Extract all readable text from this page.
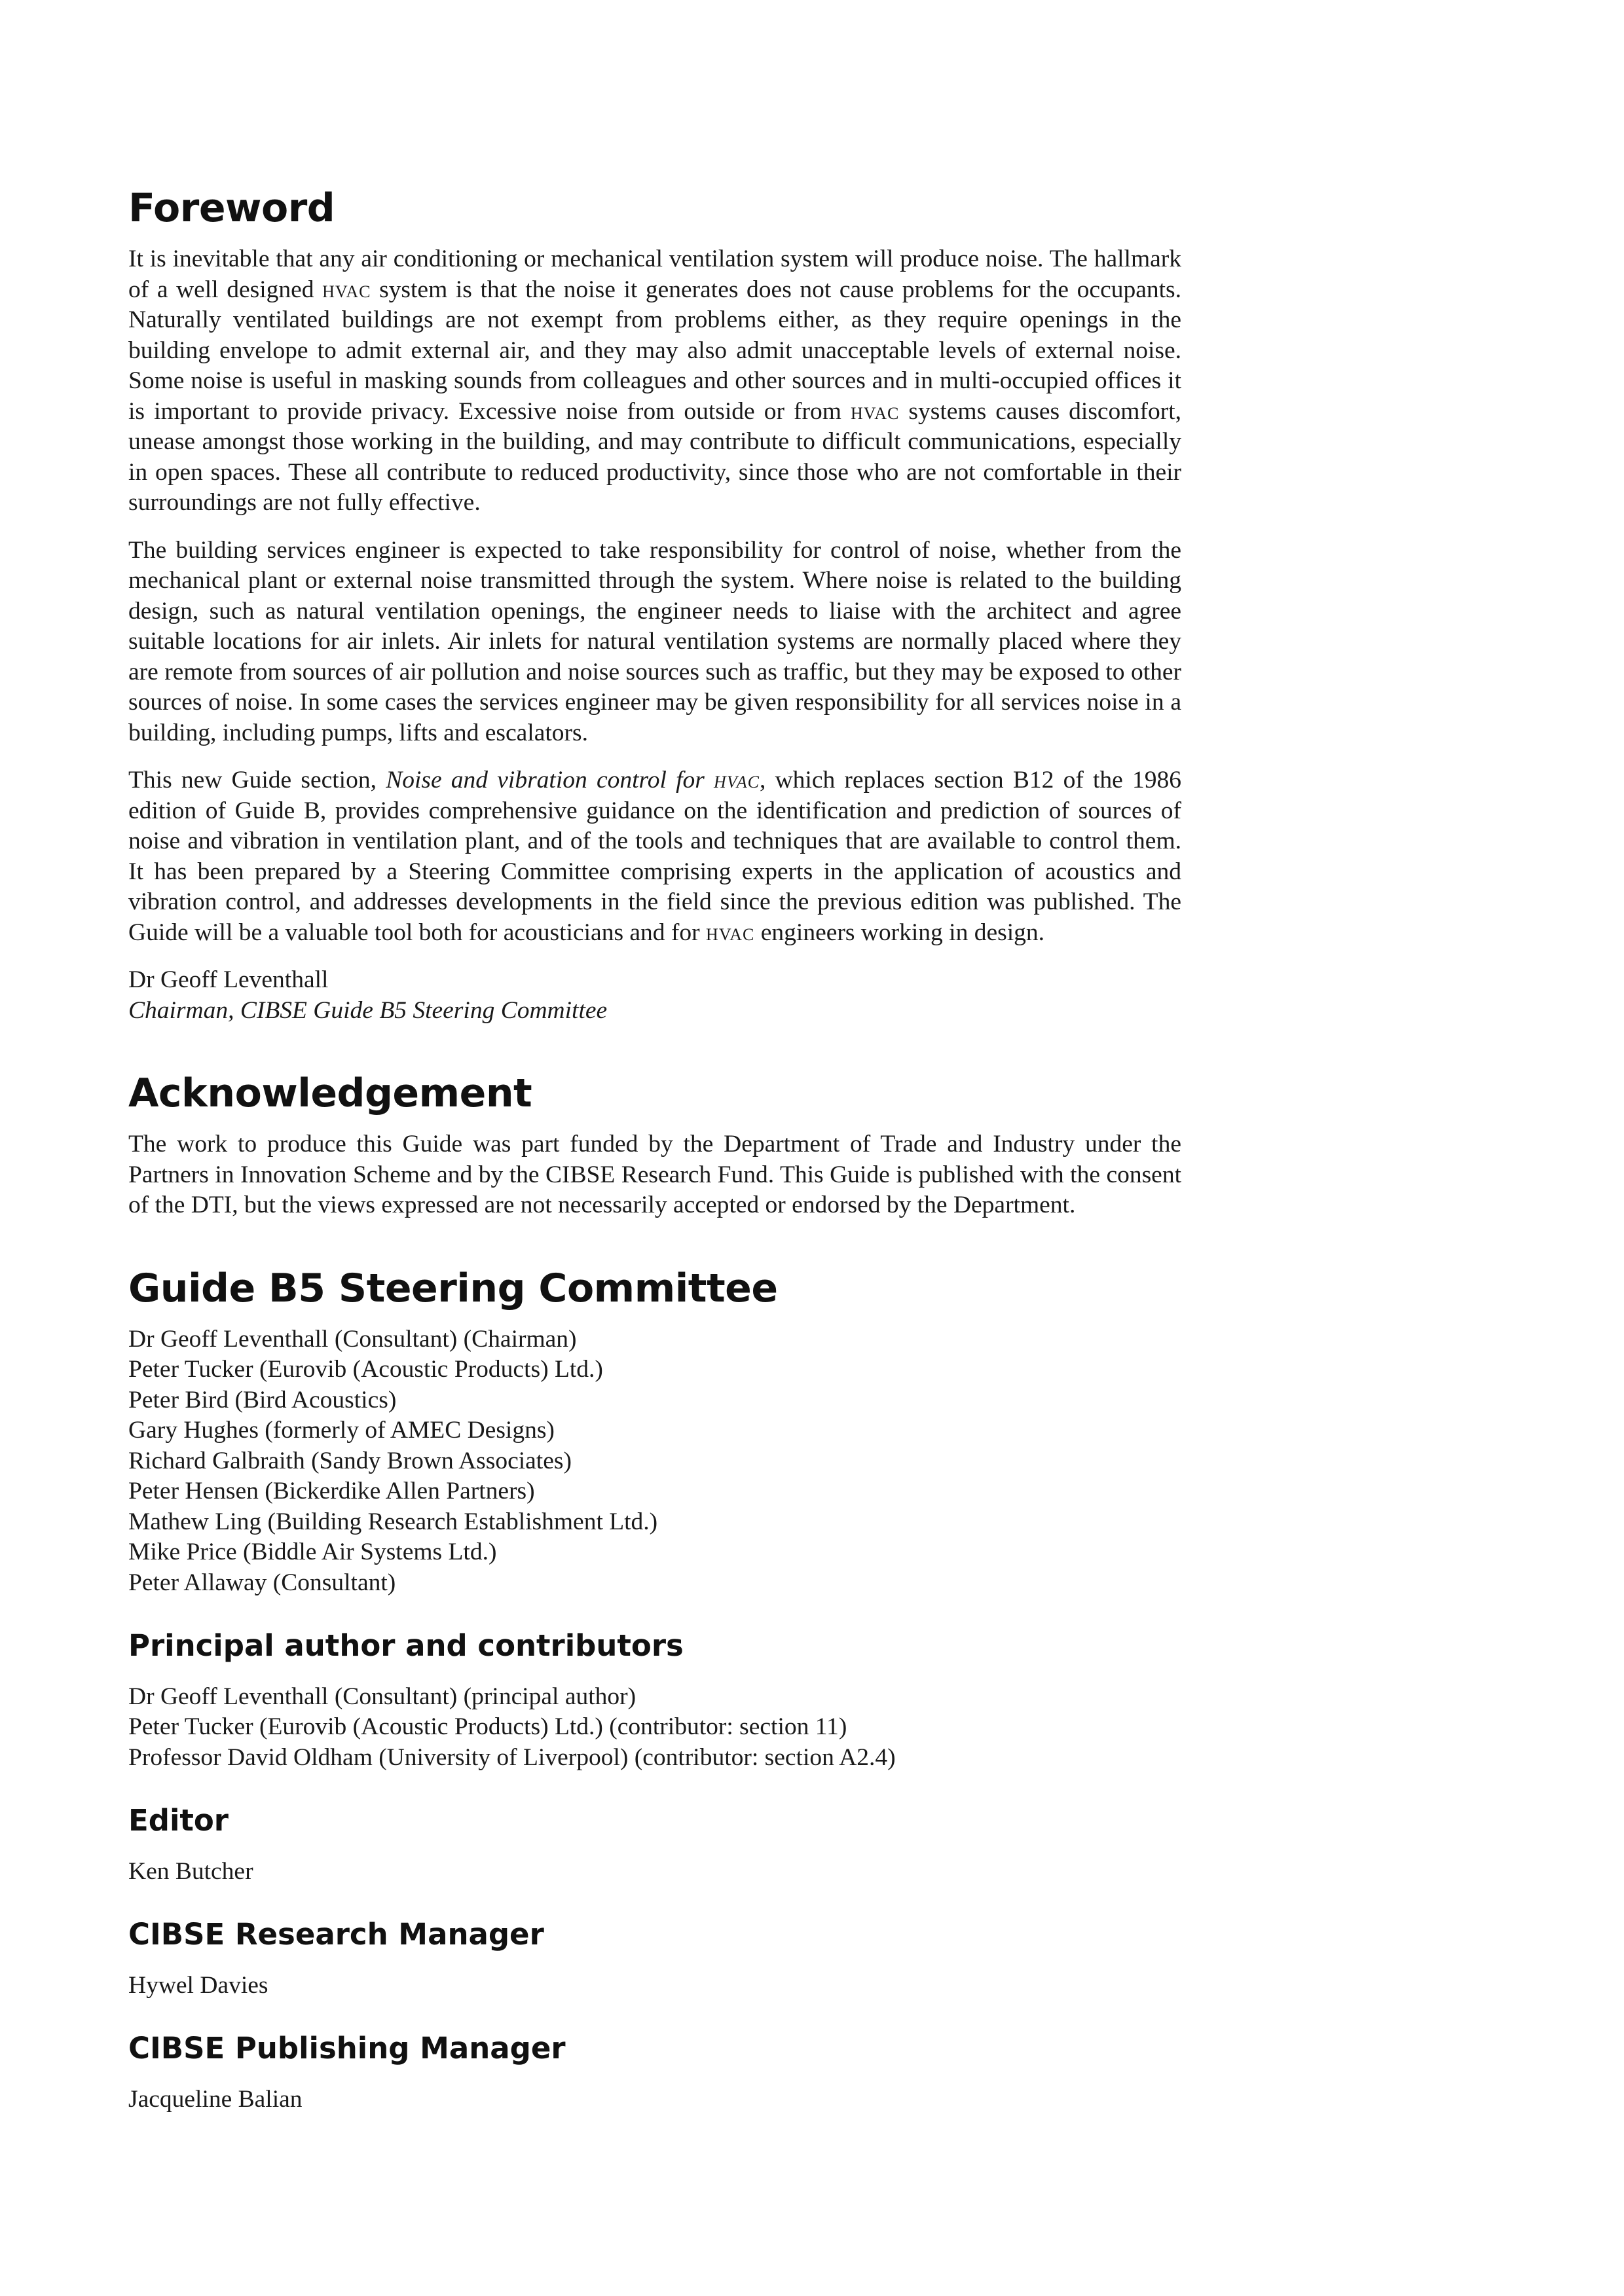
Foreword

It is inevitable that any air conditioning or mechanical ventilation system will produce noise. The hallmark of a well designed hvac system is that the noise it generates does not cause problems for the occupants. Naturally ventilated buildings are not exempt from problems either, as they require openings in the building envelope to admit external air, and they may also admit unacceptable levels of external noise. Some noise is useful in masking sounds from colleagues and other sources and in multi-occupied offices it is important to provide privacy. Excessive noise from outside or from hvac systems causes discomfort, unease amongst those working in the building, and may contribute to difficult communications, especially in open spaces. These all contribute to reduced productivity, since those who are not comfortable in their surroundings are not fully effective.

The building services engineer is expected to take responsibility for control of noise, whether from the mechanical plant or external noise transmitted through the system. Where noise is related to the building design, such as natural ventilation openings, the engineer needs to liaise with the architect and agree suitable locations for air inlets. Air inlets for natural ventilation systems are normally placed where they are remote from sources of air pollution and noise sources such as traffic, but they may be exposed to other sources of noise. In some cases the services engineer may be given responsibility for all services noise in a building, including pumps, lifts and escalators.

This new Guide section, Noise and vibration control for hvac, which replaces section B12 of the 1986 edition of Guide B, provides comprehensive guidance on the identification and prediction of sources of noise and vibration in ventilation plant, and of the tools and techniques that are available to control them. It has been prepared by a Steering Committee comprising experts in the application of acoustics and vibration control, and addresses developments in the field since the previous edition was published. The Guide will be a valuable tool both for acousticians and for hvac engineers working in design.

Dr Geoff Leventhall
Chairman, CIBSE Guide B5 Steering Committee
Acknowledgement

The work to produce this Guide was part funded by the Department of Trade and Industry under the Partners in Innovation Scheme and by the CIBSE Research Fund. This Guide is published with the consent of the DTI, but the views expressed are not necessarily accepted or endorsed by the Department.

Guide B5 Steering Committee
Dr Geoff Leventhall (Consultant) (Chairman)
Peter Tucker (Eurovib (Acoustic Products) Ltd.)
Peter Bird (Bird Acoustics)
Gary Hughes (formerly of AMEC Designs)
Richard Galbraith (Sandy Brown Associates)
Peter Hensen (Bickerdike Allen Partners)
Mathew Ling (Building Research Establishment Ltd.)
Mike Price (Biddle Air Systems Ltd.)
Peter Allaway (Consultant)
Principal author and contributors
Dr Geoff Leventhall (Consultant) (principal author)
Peter Tucker (Eurovib (Acoustic Products) Ltd.) (contributor: section 11)
Professor David Oldham (University of Liverpool) (contributor: section A2.4)
Editor

Ken Butcher

CIBSE Research Manager

Hywel Davies

CIBSE Publishing Manager

Jacqueline Balian
